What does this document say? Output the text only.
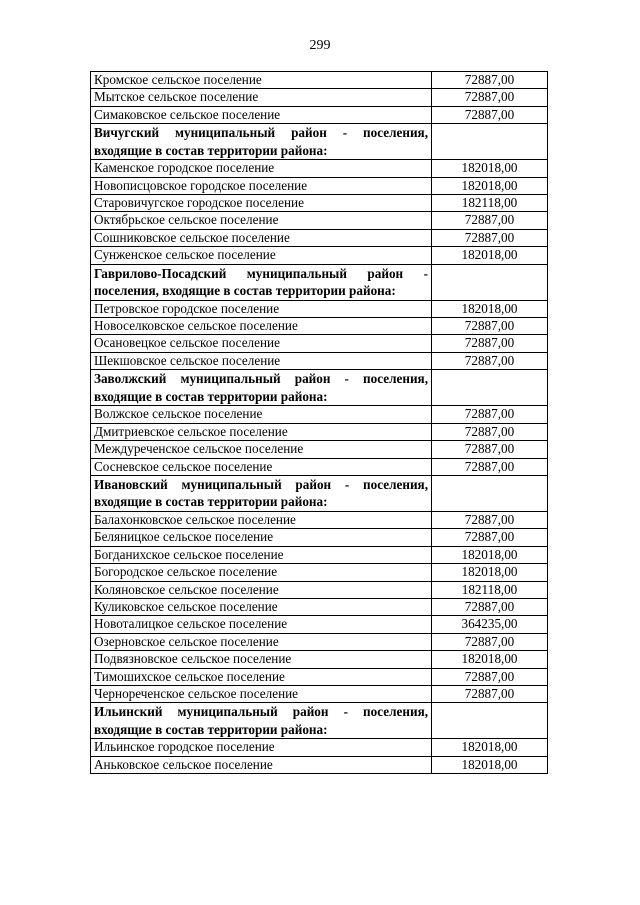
299
Кромское сельское поселение	72887,00
Мытское сельское поселение	72887,00
Симаковское сельское поселение	72887,00
Вичугский муниципальный район - поселения, входящие в состав территории района:	
Каменское городское поселение	182018,00
Новописцовское городское поселение	182018,00
Старовичугское городское поселение	182118,00
Октябрьское сельское поселение	72887,00
Сошниковское сельское поселение	72887,00
Сунженское сельское поселение	182018,00
Гаврилово-Посадский муниципальный район - поселения, входящие в состав территории района:	
Петровское городское поселение	182018,00
Новоселковское сельское поселение	72887,00
Осановецкое сельское поселение	72887,00
Шекшовское сельское поселение	72887,00
Заволжский муниципальный район - поселения, входящие в состав территории района:	
Волжское сельское поселение	72887,00
Дмитриевское сельское поселение	72887,00
Междуреченское сельское поселение	72887,00
Сосневское сельское поселение	72887,00
Ивановский муниципальный район - поселения, входящие в состав территории района:	
Балахонковское сельское поселение	72887,00
Беляницкое сельское поселение	72887,00
Богданихское сельское поселение	182018,00
Богородское сельское поселение	182018,00
Коляновское сельское поселение	182118,00
Куликовское сельское поселение	72887,00
Новоталицкое сельское поселение	364235,00
Озерновское сельское поселение	72887,00
Подвязновское сельское поселение	182018,00
Тимошихское сельское поселение	72887,00
Чернореченское сельское поселение	72887,00
Ильинский муниципальный район - поселения, входящие в состав территории района:	
Ильинское городское поселение	182018,00
Аньковское сельское поселение	182018,00
